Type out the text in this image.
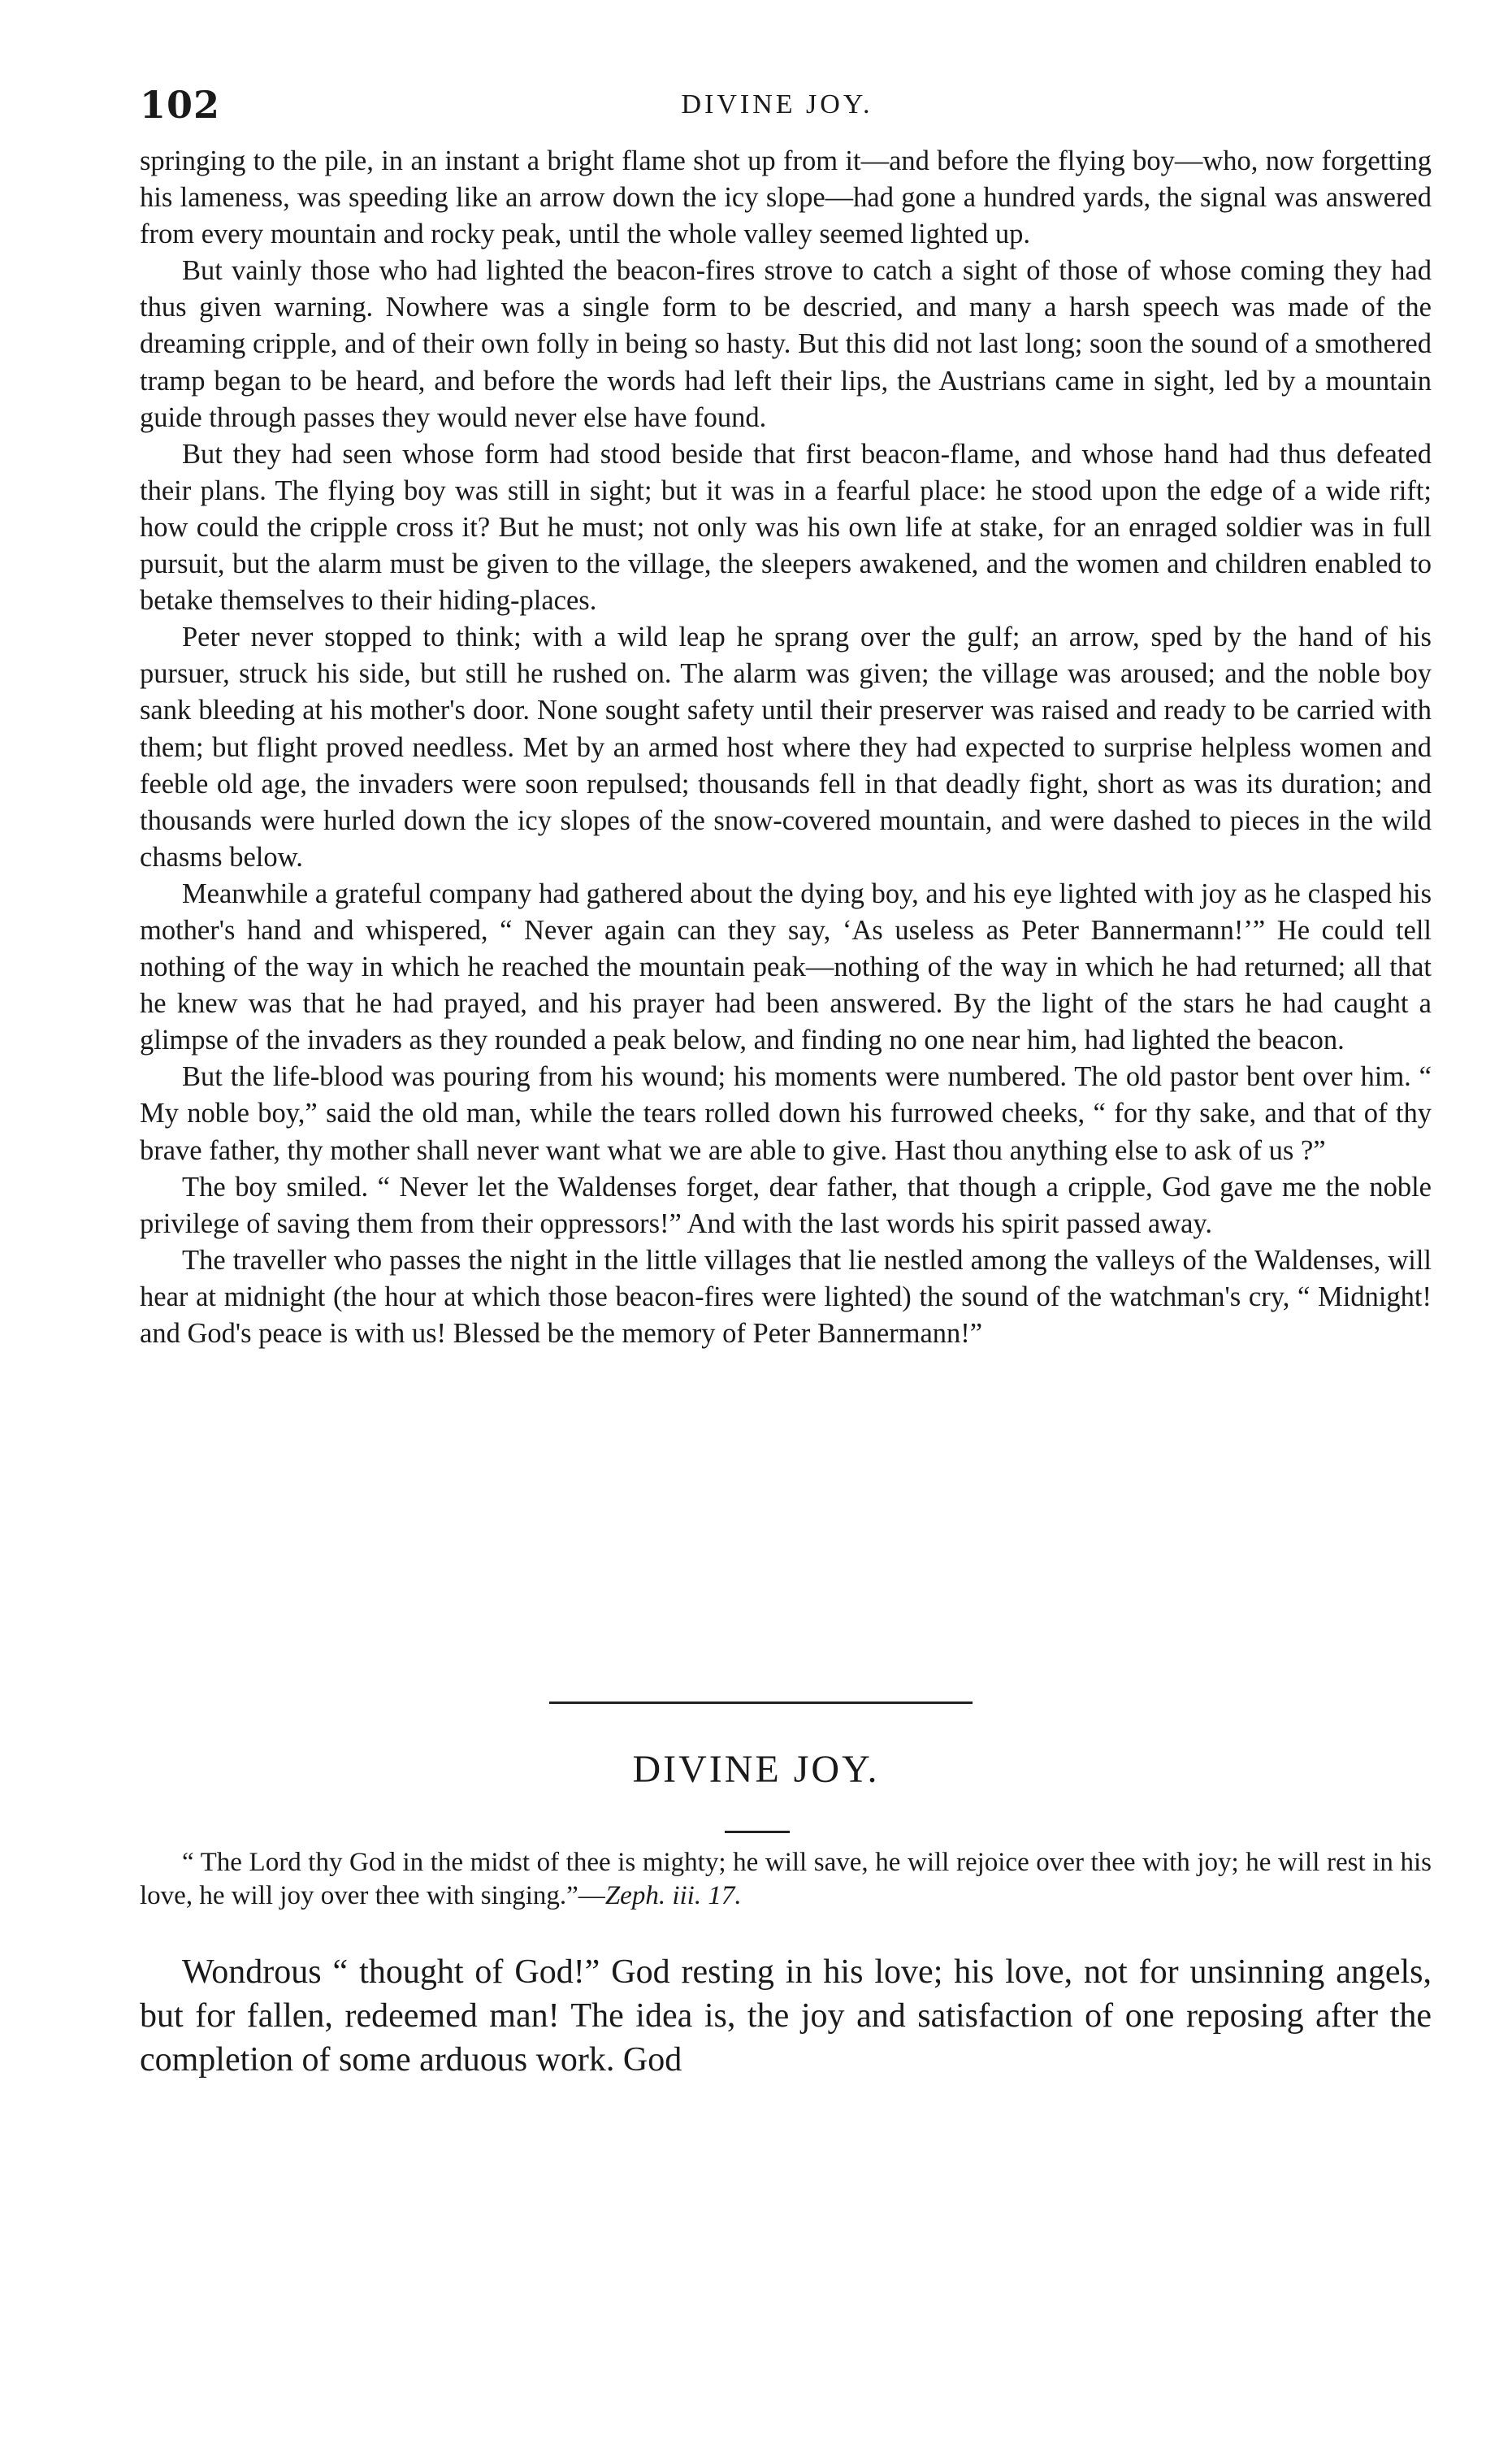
102	DIVINE JOY.

springing to the pile, in an instant a bright flame shot up from it—and before the flying boy—who, now forgetting his lameness, was speeding like an arrow down the icy slope—had gone a hundred yards, the signal was answered from every mountain and rocky peak, until the whole valley seemed lighted up.

But vainly those who had lighted the beacon-fires strove to catch a sight of those of whose coming they had thus given warning. Nowhere was a single form to be descried, and many a harsh speech was made of the dreaming cripple, and of their own folly in being so hasty. But this did not last long; soon the sound of a smothered tramp began to be heard, and before the words had left their lips, the Austrians came in sight, led by a mountain guide through passes they would never else have found.

But they had seen whose form had stood beside that first beacon-flame, and whose hand had thus defeated their plans. The flying boy was still in sight; but it was in a fearful place: he stood upon the edge of a wide rift; how could the cripple cross it? But he must; not only was his own life at stake, for an enraged soldier was in full pursuit, but the alarm must be given to the village, the sleepers awakened, and the women and children enabled to betake themselves to their hiding-places.

Peter never stopped to think; with a wild leap he sprang over the gulf; an arrow, sped by the hand of his pursuer, struck his side, but still he rushed on. The alarm was given; the village was aroused; and the noble boy sank bleeding at his mother's door. None sought safety until their preserver was raised and ready to be carried with them; but flight proved needless. Met by an armed host where they had expected to surprise helpless women and feeble old age, the invaders were soon repulsed; thousands fell in that deadly fight, short as was its duration; and thousands were hurled down the icy slopes of the snow-covered mountain, and were dashed to pieces in the wild chasms below.

Meanwhile a grateful company had gathered about the dying boy, and his eye lighted with joy as he clasped his mother's hand and whispered, “ Never again can they say, ‘As useless as Peter Bannermann!’” He could tell nothing of the way in which he reached the mountain peak—nothing of the way in which he had returned; all that he knew was that he had prayed, and his prayer had been answered. By the light of the stars he had caught a glimpse of the invaders as they rounded a peak below, and finding no one near him, had lighted the beacon.

But the life-blood was pouring from his wound; his moments were numbered. The old pastor bent over him. “ My noble boy,” said the old man, while the tears rolled down his furrowed cheeks, “ for thy sake, and that of thy brave father, thy mother shall never want what we are able to give. Hast thou anything else to ask of us ?”

The boy smiled. “ Never let the Waldenses forget, dear father, that though a cripple, God gave me the noble privilege of saving them from their oppressors!” And with the last words his spirit passed away.

The traveller who passes the night in the little villages that lie nestled among the valleys of the Waldenses, will hear at midnight (the hour at which those beacon-fires were lighted) the sound of the watchman's cry, “ Midnight! and God's peace is with us! Blessed be the memory of Peter Bannermann!”

DIVINE JOY.

“ The Lord thy God in the midst of thee is mighty; he will save, he will rejoice over thee with joy; he will rest in his love, he will joy over thee with singing.”—Zeph. iii. 17.

Wondrous “ thought of God!” God resting in his love; his love, not for unsinning angels, but for fallen, redeemed man! The idea is, the joy and satisfaction of one reposing after the completion of some arduous work. God
